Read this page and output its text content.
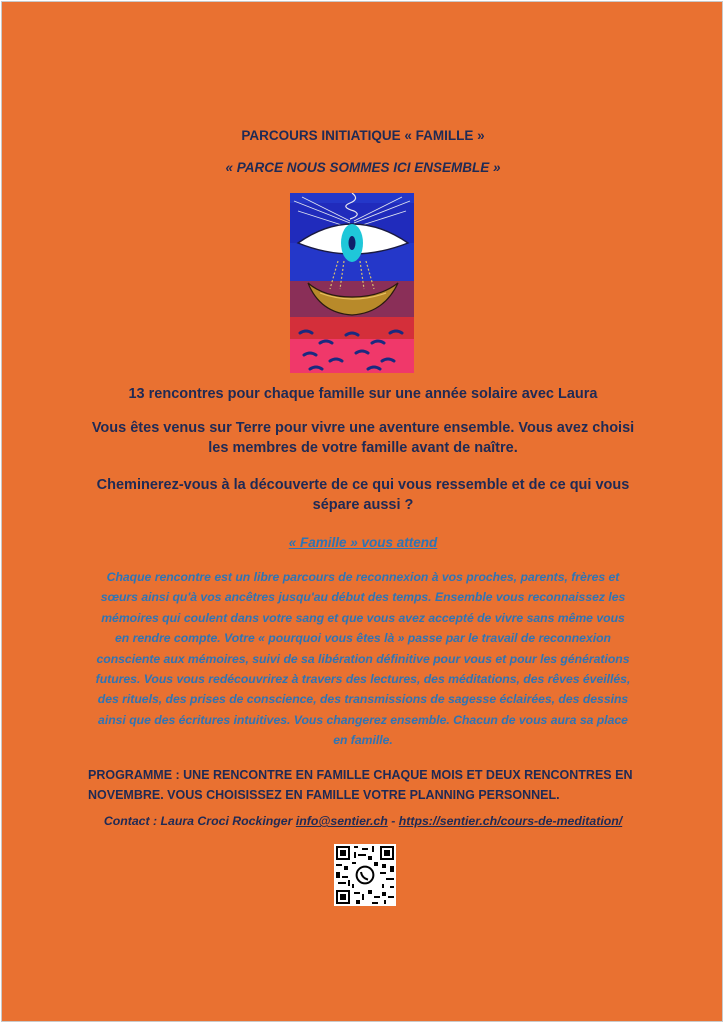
PARCOURS INITIATIQUE « FAMILLE »
« PARCE NOUS SOMMES ICI ENSEMBLE »
13 rencontres pour chaque famille sur une année solaire avec Laura
Vous êtes venus sur Terre pour vivre une aventure ensemble. Vous avez choisi les membres de votre famille avant de naître.
Cheminerez-vous à la découverte de ce qui vous ressemble et de ce qui vous sépare aussi ?
« Famille » vous attend
Chaque rencontre est un libre parcours de reconnexion à vos proches, parents, frères et sœurs ainsi qu'à vos ancêtres jusqu'au début des temps. Ensemble vous reconnaissez les mémoires qui coulent dans votre sang et que vous avez accepté de vivre sans même vous en rendre compte. Votre « pourquoi vous êtes là » passe par le travail de reconnexion consciente aux mémoires, suivi de sa libération définitive pour vous et pour les générations futures. Vous vous redécouvrirez à travers des lectures, des méditations, des rêves éveillés, des rituels, des prises de conscience, des transmissions de sagesse éclairées, des dessins ainsi que des écritures intuitives. Vous changerez ensemble. Chacun de vous aura sa place en famille.
PROGRAMME : UNE RENCONTRE EN FAMILLE CHAQUE MOIS ET DEUX RENCONTRES EN NOVEMBRE. VOUS CHOISISSEZ EN FAMILLE VOTRE PLANNING PERSONNEL.
Contact : Laura Croci Rockinger info@sentier.ch - https://sentier.ch/cours-de-meditation/
